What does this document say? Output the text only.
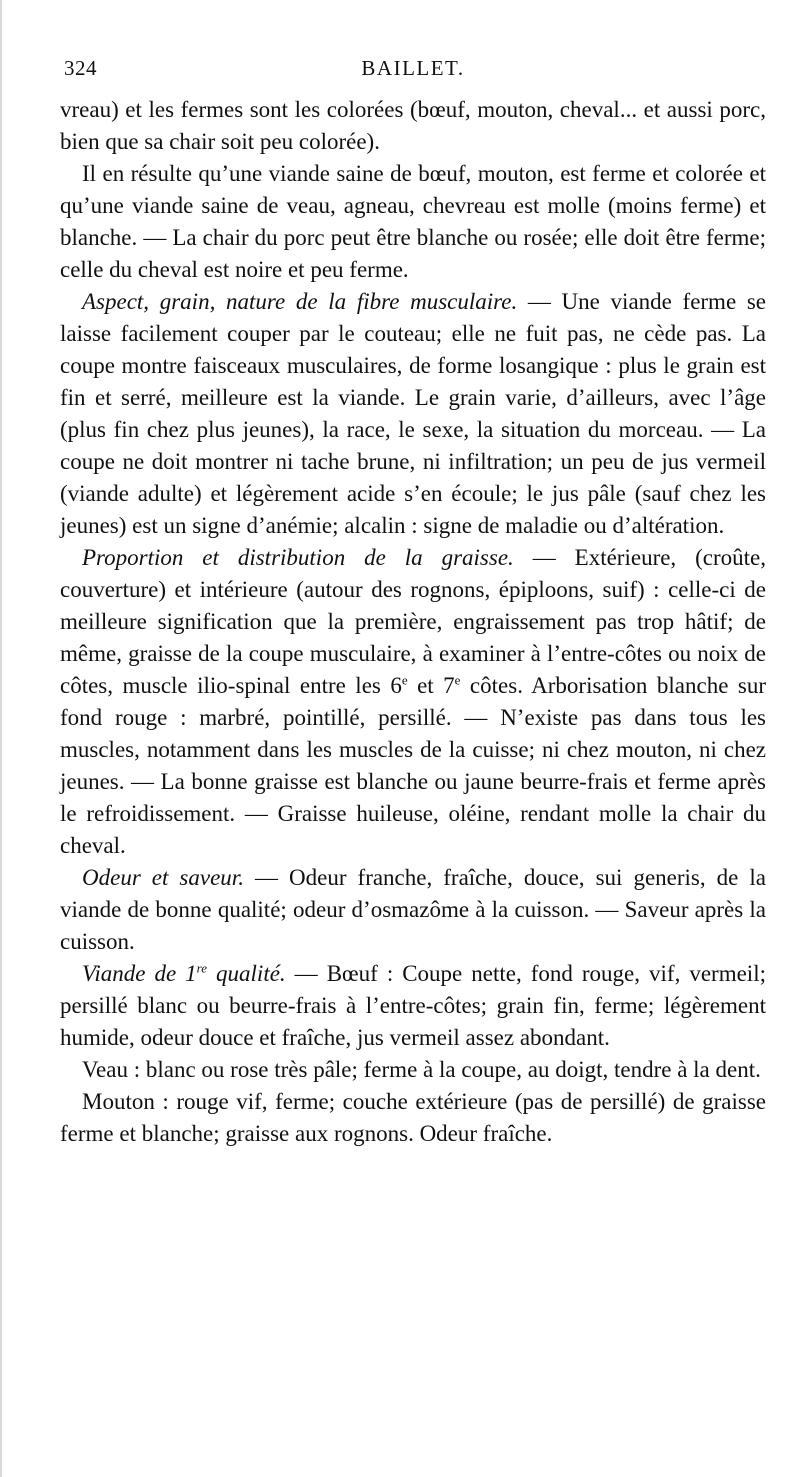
324	BAILLET.

vreau) et les fermes sont les colorées (bœuf, mouton, cheval... et aussi porc, bien que sa chair soit peu colorée).

Il en résulte qu’une viande saine de bœuf, mouton, est ferme et colorée et qu’une viande saine de veau, agneau, chevreau est molle (moins ferme) et blanche. — La chair du porc peut être blanche ou rosée; elle doit être ferme; celle du cheval est noire et peu ferme.

Aspect, grain, nature de la fibre musculaire. — Une viande ferme se laisse facilement couper par le couteau; elle ne fuit pas, ne cède pas. La coupe montre faisceaux musculaires, de forme losangique : plus le grain est fin et serré, meilleure est la viande. Le grain varie, d’ailleurs, avec l’âge (plus fin chez plus jeunes), la race, le sexe, la situation du morceau. — La coupe ne doit montrer ni tache brune, ni infiltration; un peu de jus vermeil (viande adulte) et légèrement acide s’en écoule; le jus pâle (sauf chez les jeunes) est un signe d’anémie; alcalin : signe de maladie ou d’altération.

Proportion et distribution de la graisse. — Extérieure, (croûte, couverture) et intérieure (autour des rognons, épiploons, suif) : celle-ci de meilleure signification que la première, engraissement pas trop hâtif; de même, graisse de la coupe musculaire, à examiner à l’entre-côtes ou noix de côtes, muscle ilio-spinal entre les 6e et 7e côtes. Arborisation blanche sur fond rouge : marbré, pointillé, persillé. — N’existe pas dans tous les muscles, notamment dans les muscles de la cuisse; ni chez mouton, ni chez jeunes. — La bonne graisse est blanche ou jaune beurre-frais et ferme après le refroidissement. — Graisse huileuse, oléine, rendant molle la chair du cheval.

Odeur et saveur. — Odeur franche, fraîche, douce, sui generis, de la viande de bonne qualité; odeur d’osmazôme à la cuisson. — Saveur après la cuisson.

Viande de 1re qualité. — Bœuf : Coupe nette, fond rouge, vif, vermeil; persillé blanc ou beurre-frais à l’entre-côtes; grain fin, ferme; légèrement humide, odeur douce et fraîche, jus vermeil assez abondant.

Veau : blanc ou rose très pâle; ferme à la coupe, au doigt, tendre à la dent.

Mouton : rouge vif, ferme; couche extérieure (pas de persillé) de graisse ferme et blanche; graisse aux rognons. Odeur fraîche.
